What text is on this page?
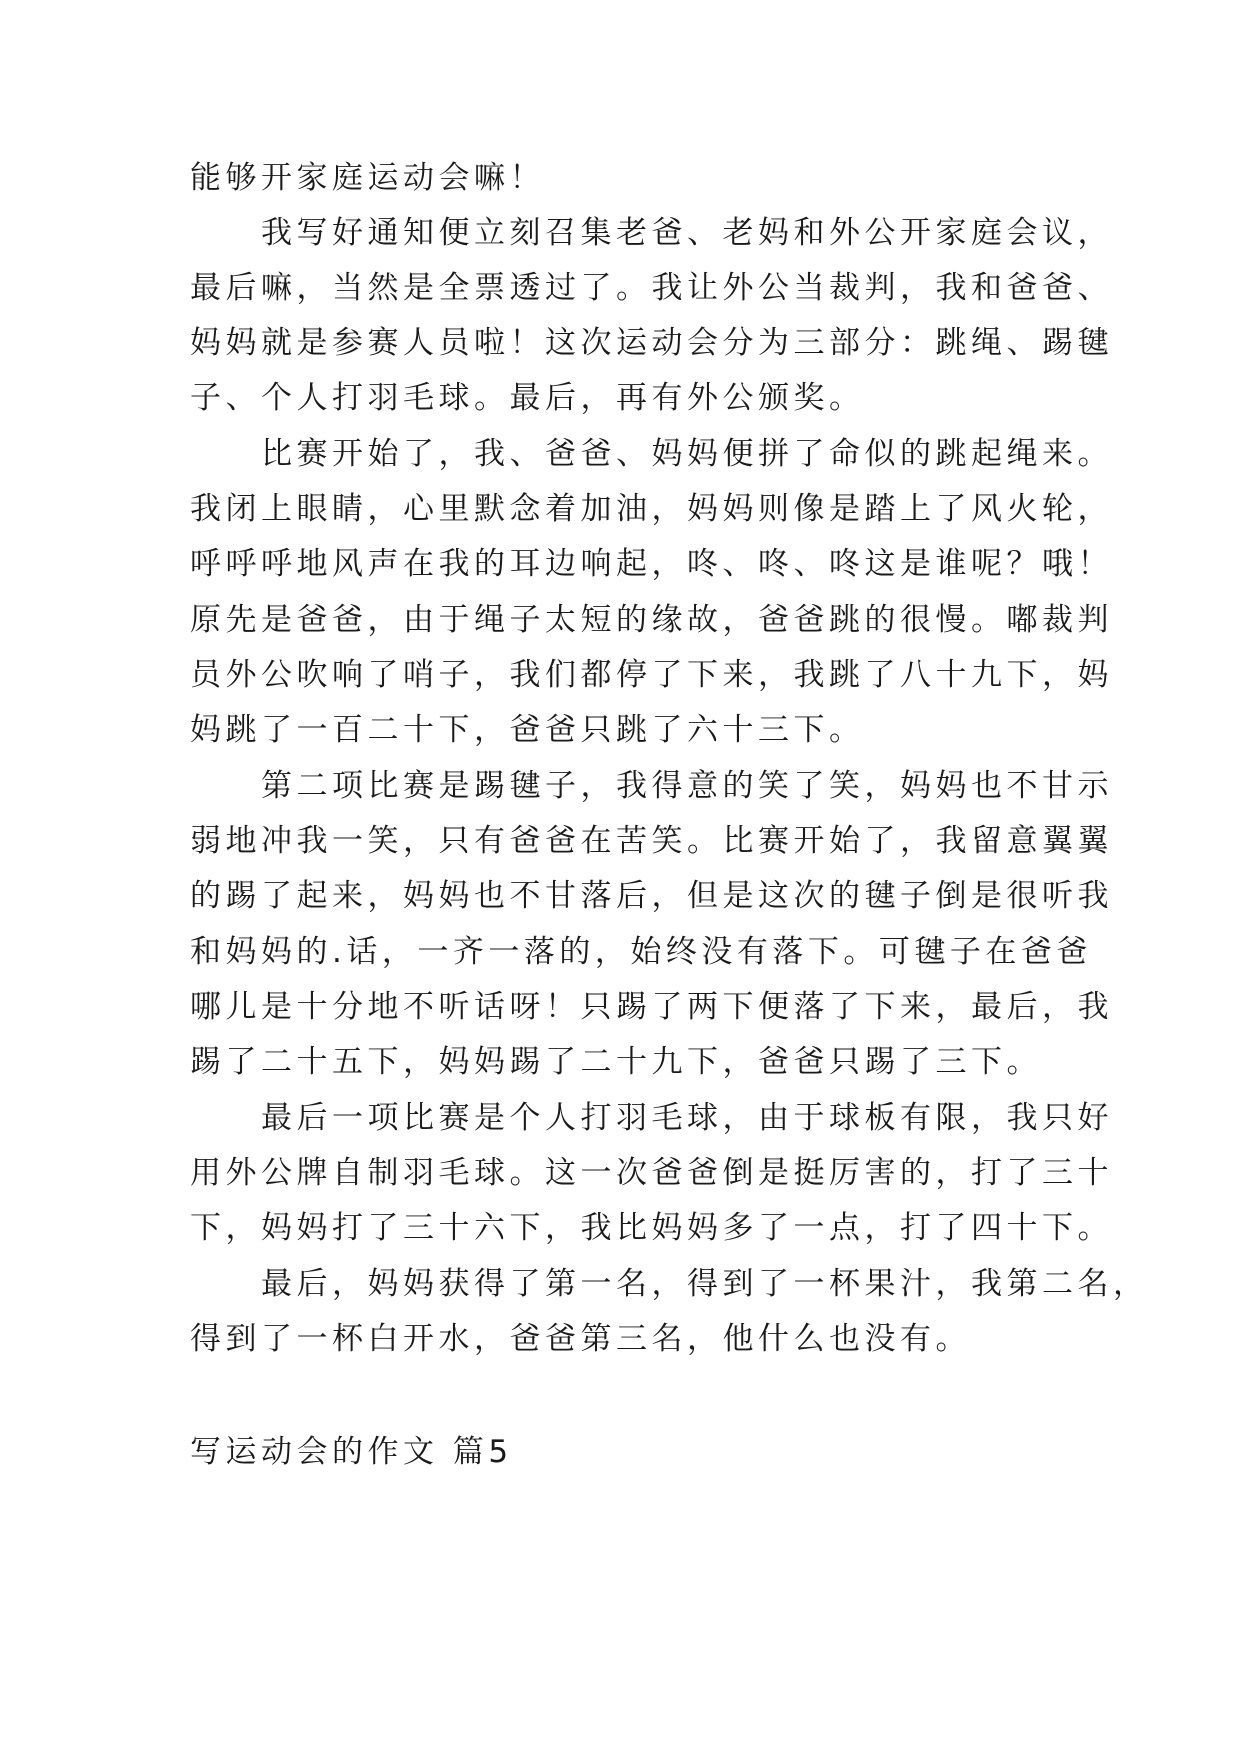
能够开家庭运动会嘛！
　　我写好通知便立刻召集老爸、老妈和外公开家庭会议，
最后嘛，当然是全票透过了。我让外公当裁判，我和爸爸、
妈妈就是参赛人员啦！这次运动会分为三部分：跳绳、踢毽
子、个人打羽毛球。最后，再有外公颁奖。
　　比赛开始了，我、爸爸、妈妈便拼了命似的跳起绳来。
我闭上眼睛，心里默念着加油，妈妈则像是踏上了风火轮，
呼呼呼地风声在我的耳边响起，咚、咚、咚这是谁呢？哦！
原先是爸爸，由于绳子太短的缘故，爸爸跳的很慢。嘟裁判
员外公吹响了哨子，我们都停了下来，我跳了八十九下，妈
妈跳了一百二十下，爸爸只跳了六十三下。
　　第二项比赛是踢毽子，我得意的笑了笑，妈妈也不甘示
弱地冲我一笑，只有爸爸在苦笑。比赛开始了，我留意翼翼
的踢了起来，妈妈也不甘落后，但是这次的毽子倒是很听我
和妈妈的.话，一齐一落的，始终没有落下。可毽子在爸爸
哪儿是十分地不听话呀！只踢了两下便落了下来，最后，我
踢了二十五下，妈妈踢了二十九下，爸爸只踢了三下。
　　最后一项比赛是个人打羽毛球，由于球板有限，我只好
用外公牌自制羽毛球。这一次爸爸倒是挺厉害的，打了三十
下，妈妈打了三十六下，我比妈妈多了一点，打了四十下。
　　最后，妈妈获得了第一名，得到了一杯果汁，我第二名，
得到了一杯白开水，爸爸第三名，他什么也没有。
写运动会的作文 篇5
